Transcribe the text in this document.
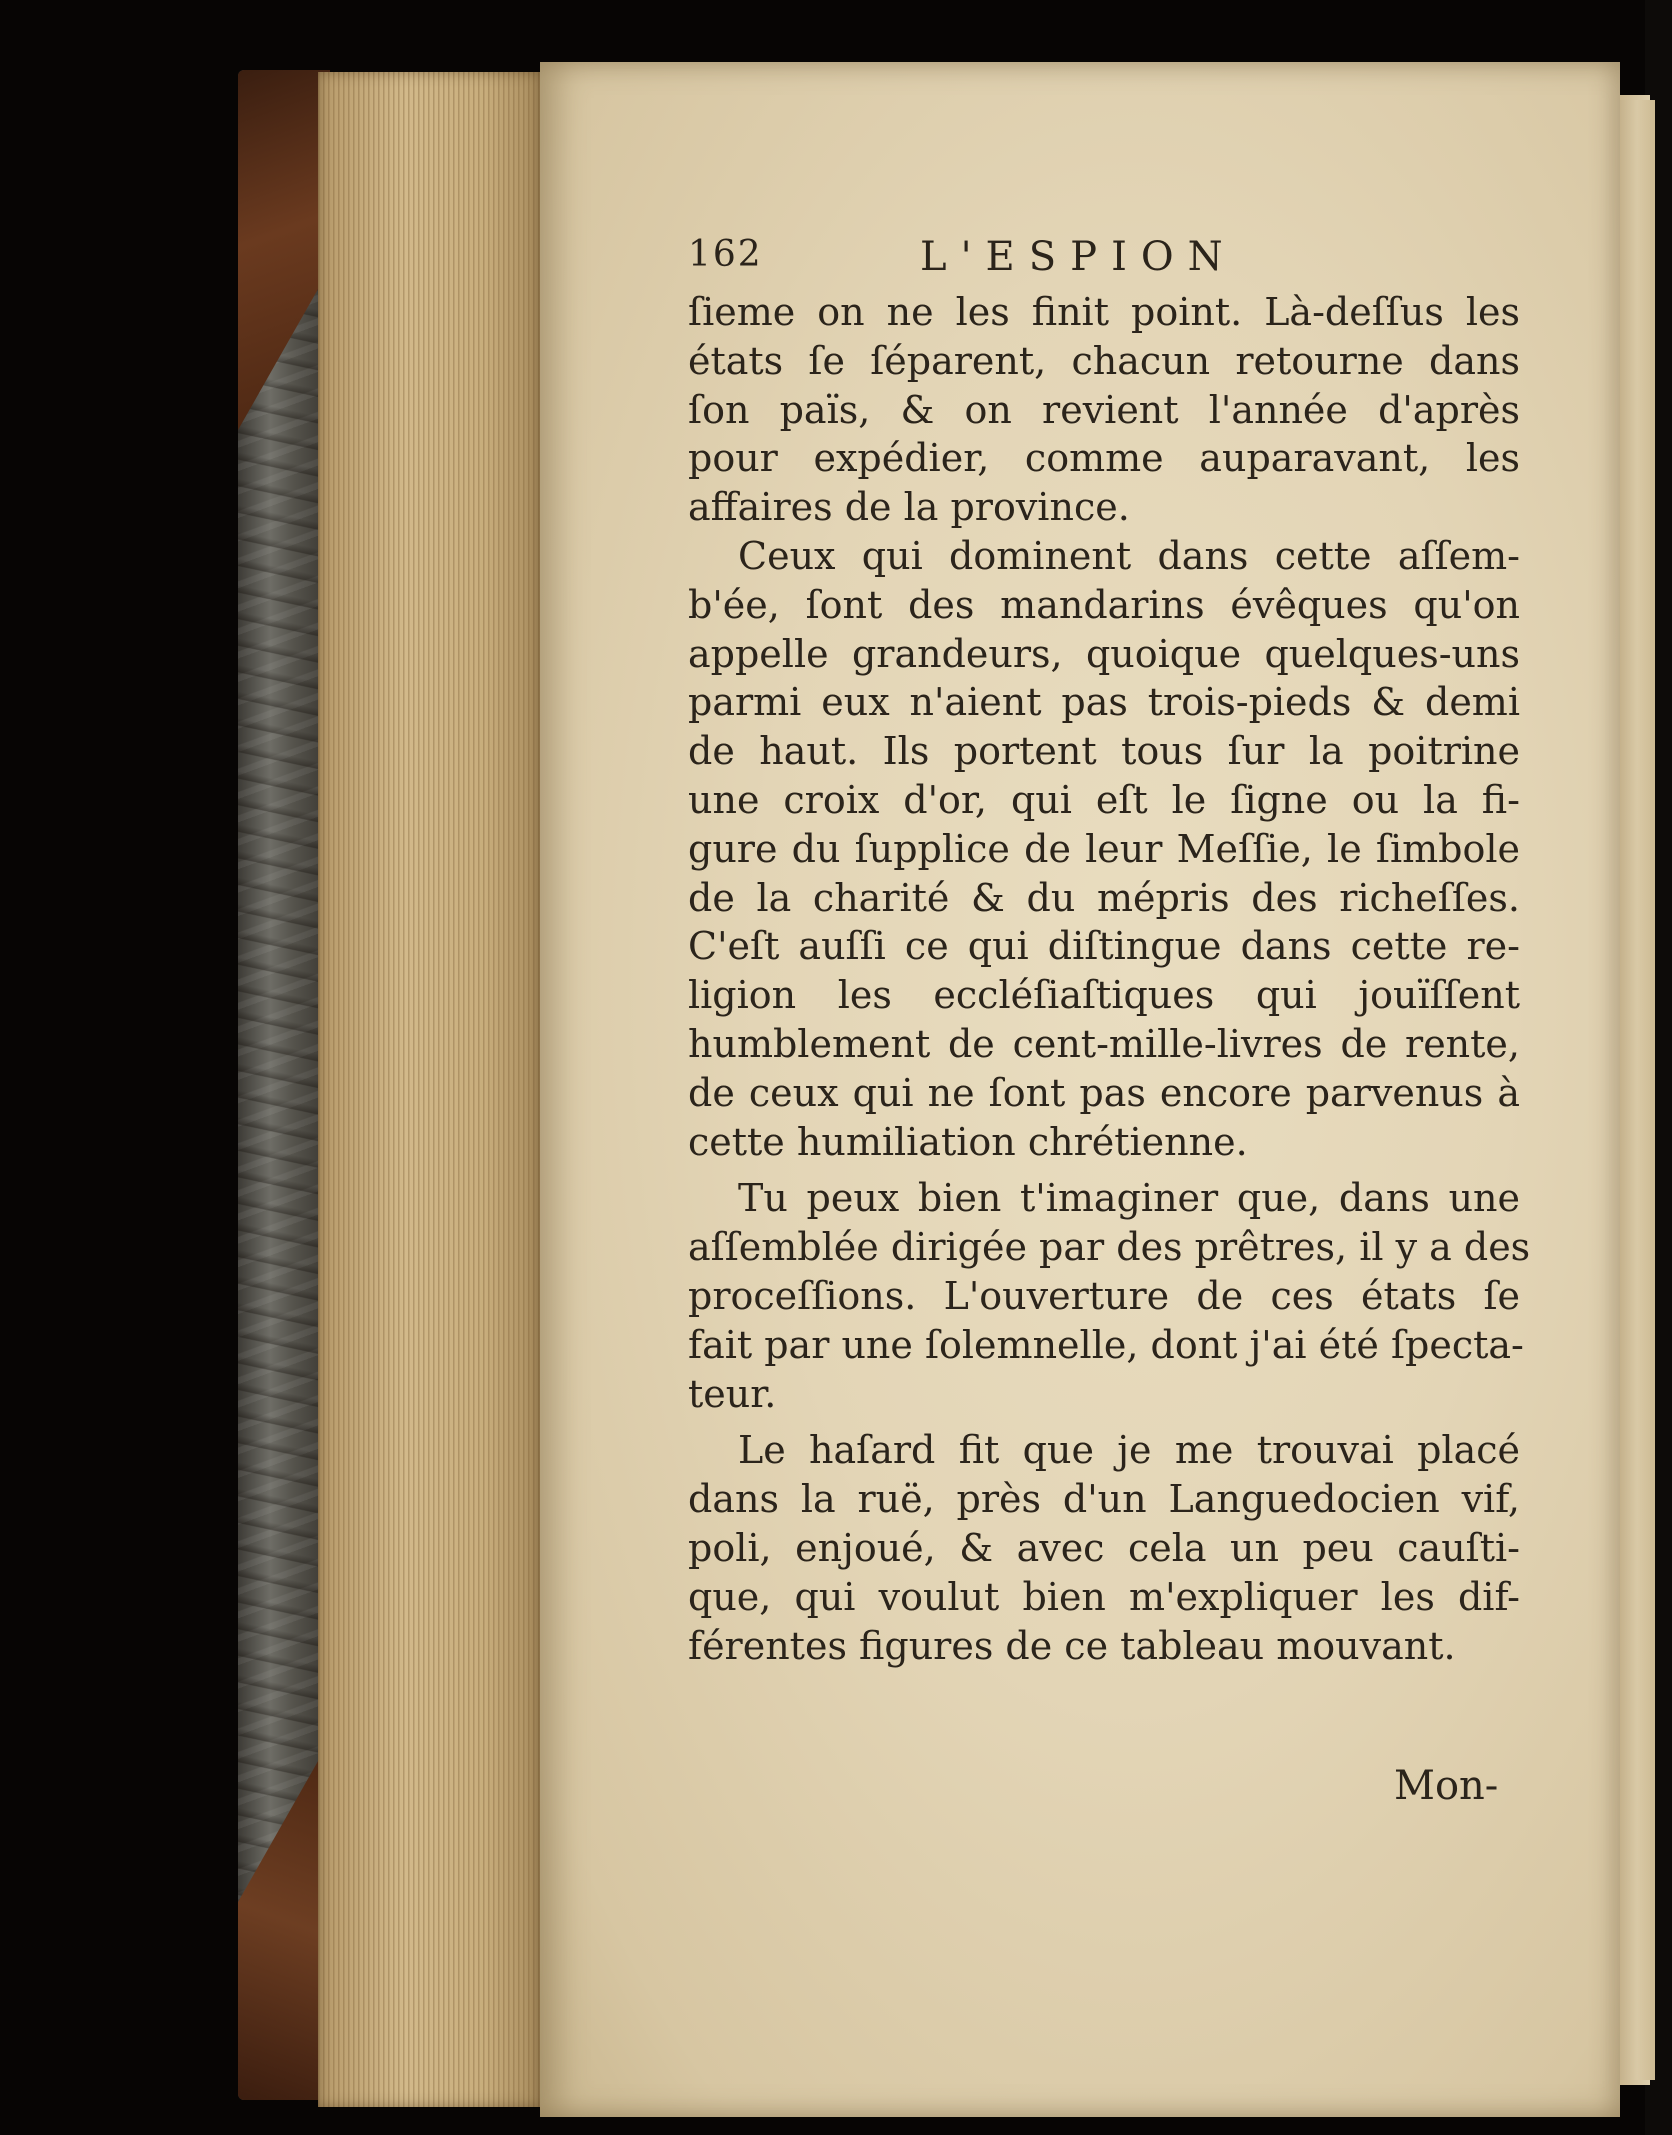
162	L'ESPION
ſieme on ne les finit point. Là-deſſus les
états ſe ſéparent, chacun retourne dans
ſon païs, & on revient l'année d'après
pour expédier, comme auparavant, les
affaires de la province.
Ceux qui dominent dans cette aſſem-
b'ée, ſont des mandarins évêques qu'on
appelle grandeurs, quoique quelques-uns
parmi eux n'aient pas trois-pieds & demi
de haut. Ils portent tous ſur la poitrine
une croix d'or, qui eſt le ſigne ou la fi-
gure du ſupplice de leur Meſſie, le ſimbole
de la charité & du mépris des richeſſes.
C'eſt auſſi ce qui diſtingue dans cette re-
ligion les eccléſiaſtiques qui jouïſſent
humblement de cent-mille-livres de rente,
de ceux qui ne ſont pas encore parvenus à
cette humiliation chrétienne.
Tu peux bien t'imaginer que, dans une
aſſemblée dirigée par des prêtres, il y a des
proceſſions. L'ouverture de ces états ſe
fait par une ſolemnelle, dont j'ai été ſpecta-
teur.
Le haſard fit que je me trouvai placé
dans la ruë, près d'un Languedocien vif,
poli, enjoué, & avec cela un peu cauſti-
que, qui voulut bien m'expliquer les dif-
férentes figures de ce tableau mouvant.
Mon-
